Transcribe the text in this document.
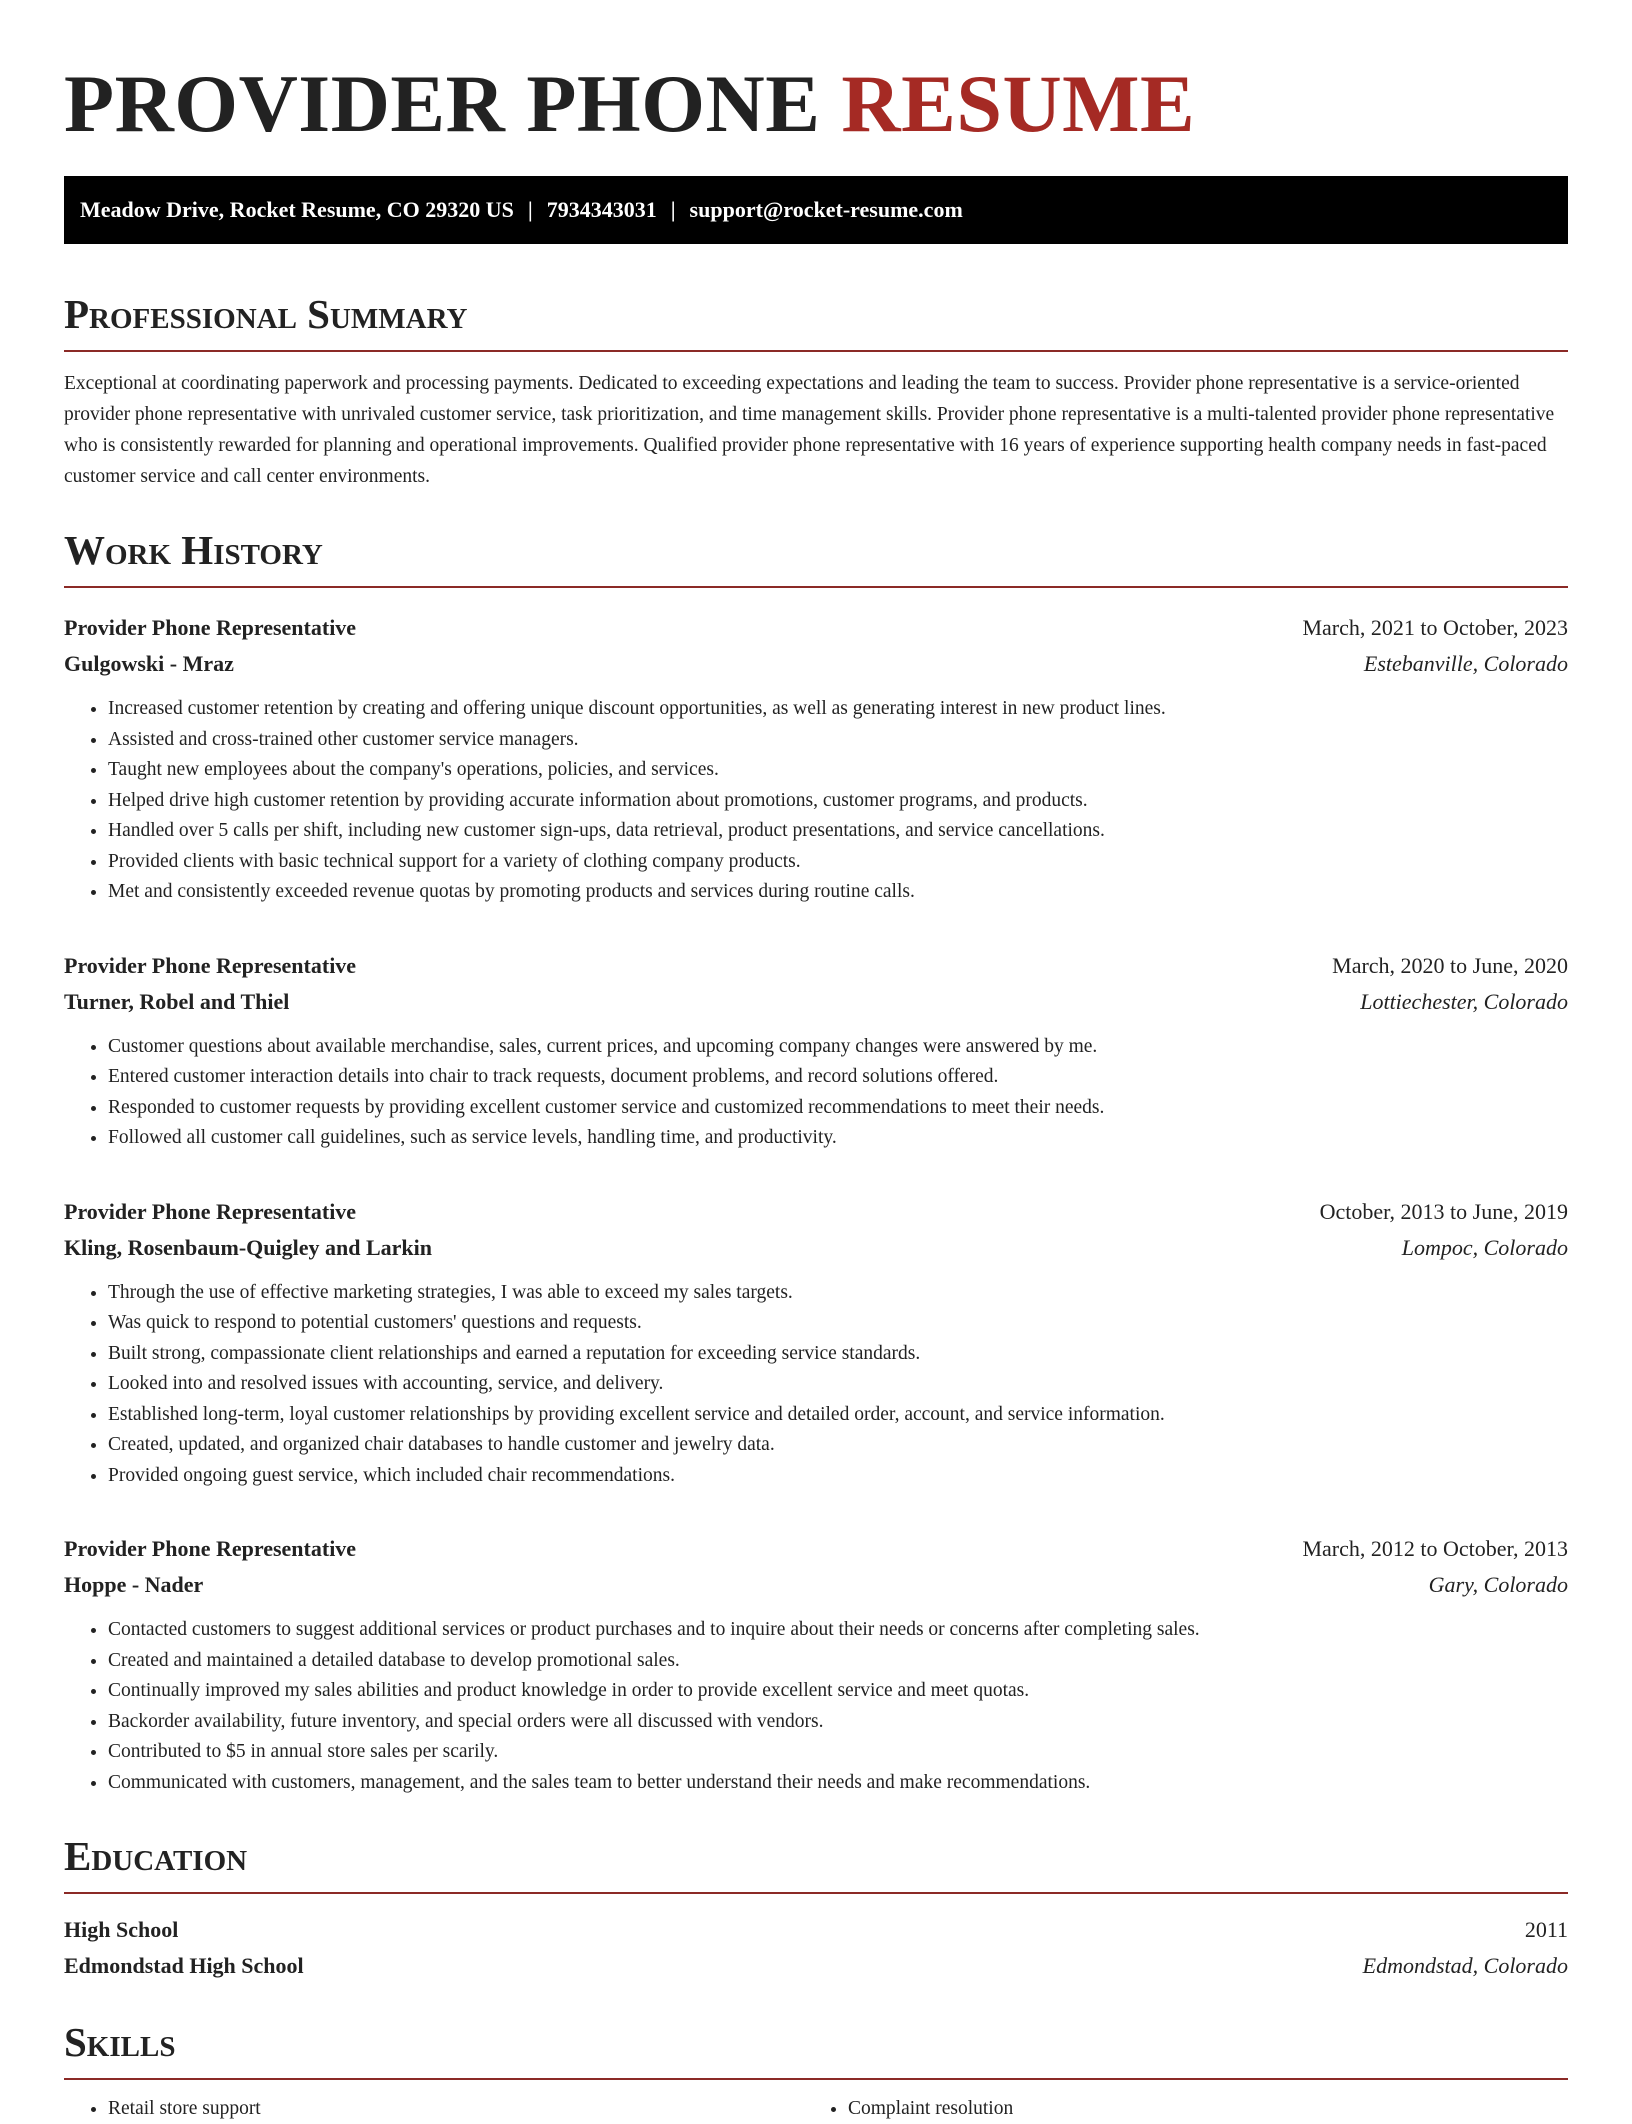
PROVIDER PHONE RESUME
Meadow Drive, Rocket Resume, CO 29320 US | 7934343031 | support@rocket-resume.com
Professional Summary

Exceptional at coordinating paperwork and processing payments. Dedicated to exceeding expectations and leading the team to success. Provider phone representative is a service-oriented provider phone representative with unrivaled customer service, task prioritization, and time management skills. Provider phone representative is a multi-talented provider phone representative who is consistently rewarded for planning and operational improvements. Qualified provider phone representative with 16 years of experience supporting health company needs in fast-paced customer service and call center environments.

Work History
Provider Phone Representative	March, 2021 to October, 2023
Gulgowski - Mraz	Estebanville, Colorado
• Increased customer retention by creating and offering unique discount opportunities, as well as generating interest in new product lines.
• Assisted and cross-trained other customer service managers.
• Taught new employees about the company's operations, policies, and services.
• Helped drive high customer retention by providing accurate information about promotions, customer programs, and products.
• Handled over 5 calls per shift, including new customer sign-ups, data retrieval, product presentations, and service cancellations.
• Provided clients with basic technical support for a variety of clothing company products.
• Met and consistently exceeded revenue quotas by promoting products and services during routine calls.
Provider Phone Representative	March, 2020 to June, 2020
Turner, Robel and Thiel	Lottiechester, Colorado
• Customer questions about available merchandise, sales, current prices, and upcoming company changes were answered by me.
• Entered customer interaction details into chair to track requests, document problems, and record solutions offered.
• Responded to customer requests by providing excellent customer service and customized recommendations to meet their needs.
• Followed all customer call guidelines, such as service levels, handling time, and productivity.
Provider Phone Representative	October, 2013 to June, 2019
Kling, Rosenbaum-Quigley and Larkin	Lompoc, Colorado
• Through the use of effective marketing strategies, I was able to exceed my sales targets.
• Was quick to respond to potential customers' questions and requests.
• Built strong, compassionate client relationships and earned a reputation for exceeding service standards.
• Looked into and resolved issues with accounting, service, and delivery.
• Established long-term, loyal customer relationships by providing excellent service and detailed order, account, and service information.
• Created, updated, and organized chair databases to handle customer and jewelry data.
• Provided ongoing guest service, which included chair recommendations.
Provider Phone Representative	March, 2012 to October, 2013
Hoppe - Nader	Gary, Colorado
• Contacted customers to suggest additional services or product purchases and to inquire about their needs or concerns after completing sales.
• Created and maintained a detailed database to develop promotional sales.
• Continually improved my sales abilities and product knowledge in order to provide excellent service and meet quotas.
• Backorder availability, future inventory, and special orders were all discussed with vendors.
• Contributed to $5 in annual store sales per scarily.
• Communicated with customers, management, and the sales team to better understand their needs and make recommendations.
Education
High School	2011
Edmondstad High School	Edmondstad, Colorado
Skills
• Retail store support
•	Complaint resolution
